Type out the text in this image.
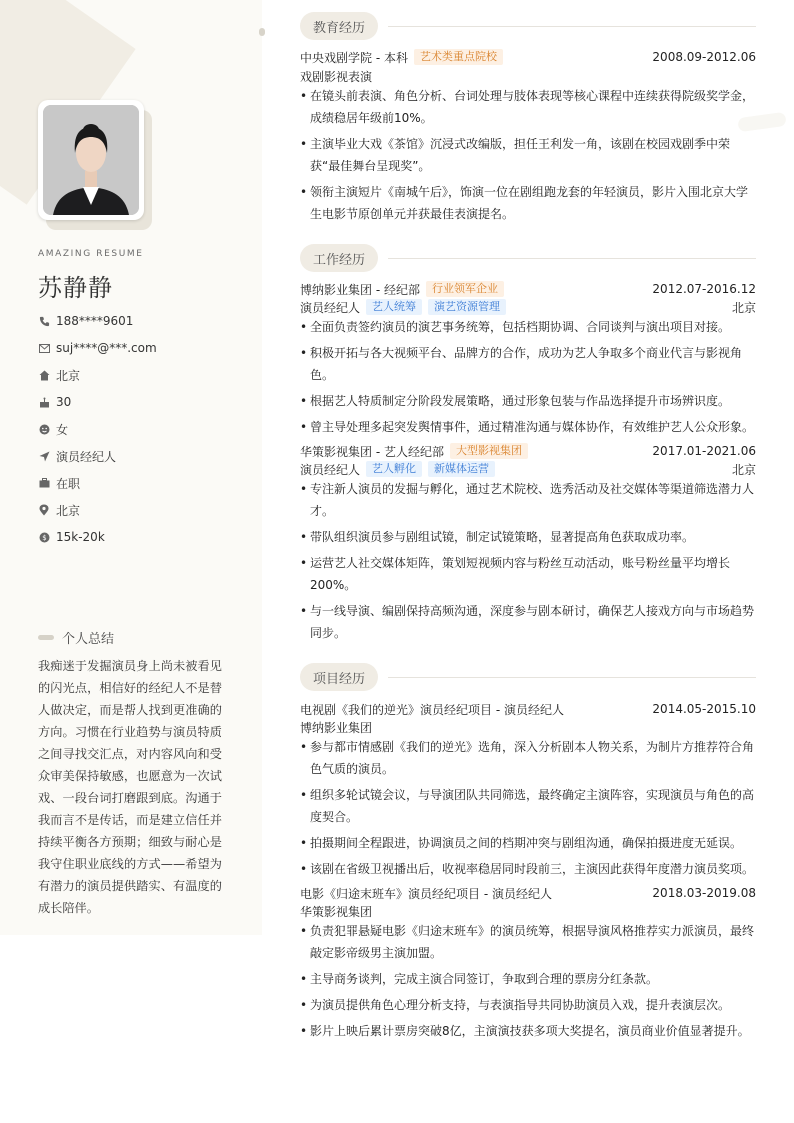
AMAZING RESUME
苏静静
188****9601
suj****@***.com
北京
30
女
演员经纪人
在职
北京
$ 15k-20k
个人总结
我痴迷于发掘演员身上尚未被看见的闪光点，相信好的经纪人不是替人做决定，而是帮人找到更准确的方向。习惯在行业趋势与演员特质之间寻找交汇点，对内容风向和受众审美保持敏感，也愿意为一次试戏、一段台词打磨跟到底。沟通于我而言不是传话，而是建立信任并持续平衡各方预期；细致与耐心是我守住职业底线的方式——希望为有潜力的演员提供踏实、有温度的成长陪伴。
教育经历
中央戏剧学院 - 本科	艺术类重点院校	2008.09-2012.06
戏剧影视表演
• 在镜头前表演、角色分析、台词处理与肢体表现等核心课程中连续获得院级奖学金，成绩稳居年级前10%。
• 主演毕业大戏《茶馆》沉浸式改编版，担任王利发一角，该剧在校园戏剧季中荣获“最佳舞台呈现奖”。
• 领衔主演短片《南城午后》，饰演一位在剧组跑龙套的年轻演员，影片入围北京大学生电影节原创单元并获最佳表演提名。
工作经历
博纳影业集团 - 经纪部	行业领军企业	2012.07-2016.12
演员经纪人	艺人统筹	演艺资源管理	北京
• 全面负责签约演员的演艺事务统筹，包括档期协调、合同谈判与演出项目对接。
• 积极开拓与各大视频平台、品牌方的合作，成功为艺人争取多个商业代言与影视角色。
• 根据艺人特质制定分阶段发展策略，通过形象包装与作品选择提升市场辨识度。
• 曾主导处理多起突发舆情事件，通过精准沟通与媒体协作，有效维护艺人公众形象。
华策影视集团 - 艺人经纪部	大型影视集团	2017.01-2021.06
演员经纪人	艺人孵化	新媒体运营	北京
• 专注新人演员的发掘与孵化，通过艺术院校、选秀活动及社交媒体等渠道筛选潜力人才。
• 带队组织演员参与剧组试镜，制定试镜策略，显著提高角色获取成功率。
• 运营艺人社交媒体矩阵，策划短视频内容与粉丝互动活动，账号粉丝量平均增长200%。
• 与一线导演、编剧保持高频沟通，深度参与剧本研讨，确保艺人接戏方向与市场趋势同步。
项目经历
电视剧《我们的逆光》演员经纪项目 - 演员经纪人	2014.05-2015.10
博纳影业集团
• 参与都市情感剧《我们的逆光》选角，深入分析剧本人物关系，为制片方推荐符合角色气质的演员。
• 组织多轮试镜会议，与导演团队共同筛选，最终确定主演阵容，实现演员与角色的高度契合。
• 拍摄期间全程跟进，协调演员之间的档期冲突与剧组沟通，确保拍摄进度无延误。
• 该剧在省级卫视播出后，收视率稳居同时段前三，主演因此获得年度潜力演员奖项。
电影《归途末班车》演员经纪项目 - 演员经纪人	2018.03-2019.08
华策影视集团
• 负责犯罪悬疑电影《归途末班车》的演员统筹，根据导演风格推荐实力派演员，最终敲定影帝级男主演加盟。
• 主导商务谈判，完成主演合同签订，争取到合理的票房分红条款。
• 为演员提供角色心理分析支持，与表演指导共同协助演员入戏，提升表演层次。
• 影片上映后累计票房突破8亿，主演演技获多项大奖提名，演员商业价值显著提升。
